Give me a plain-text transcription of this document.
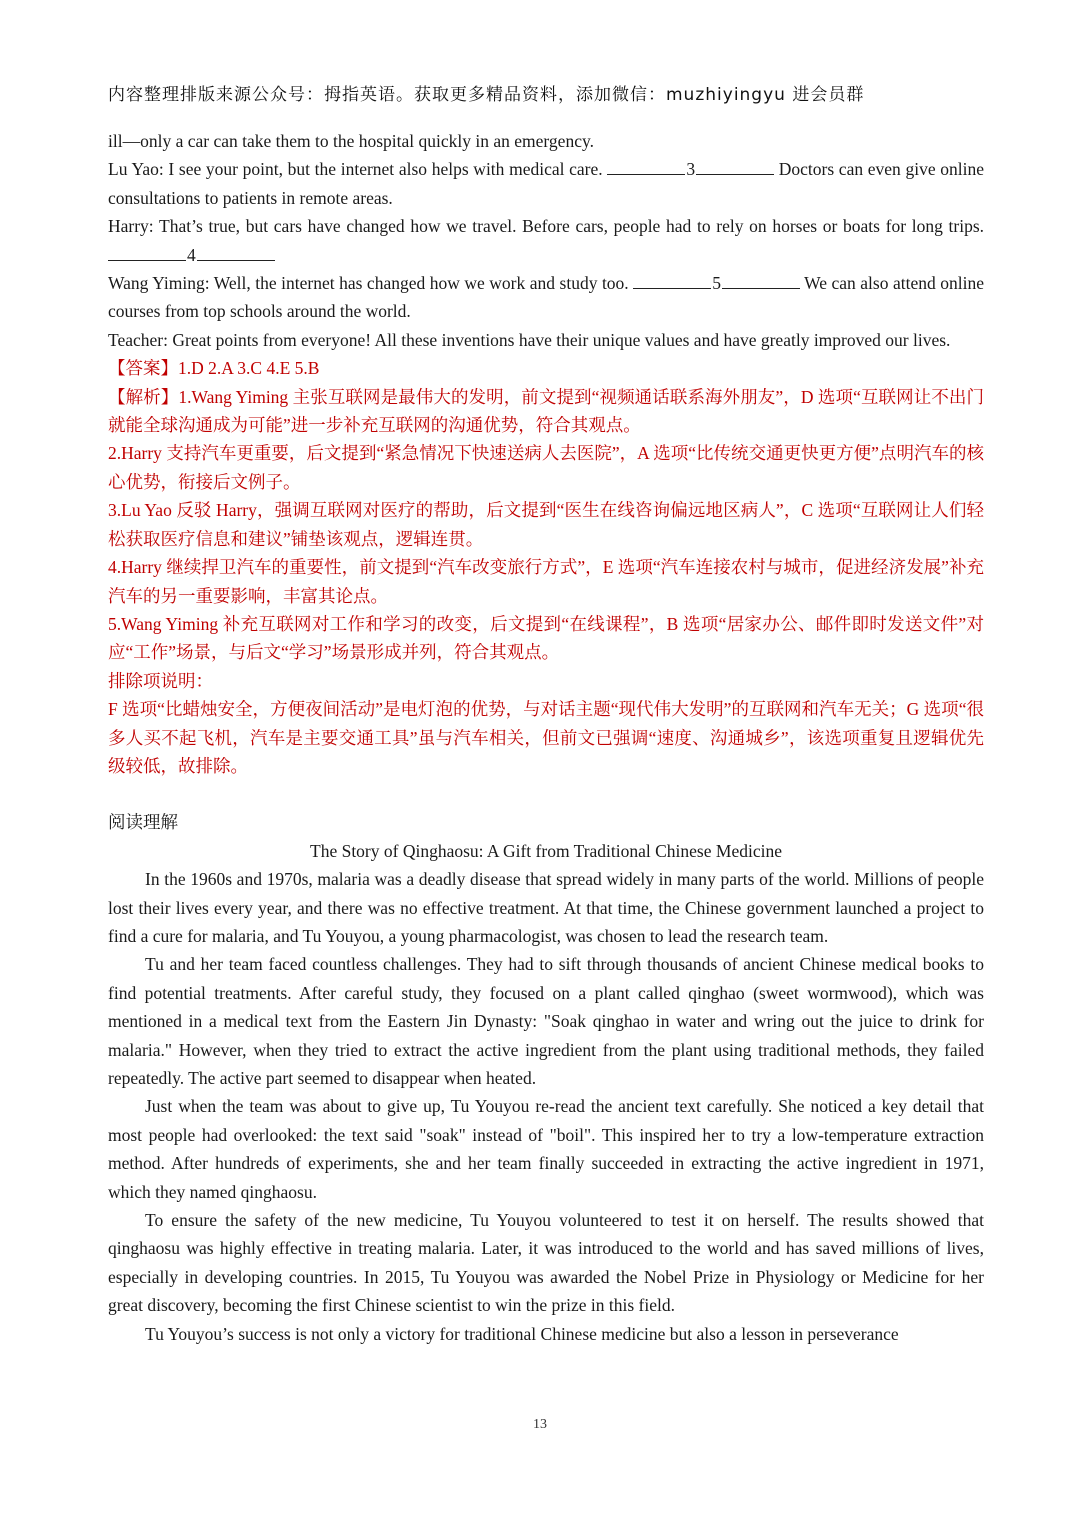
内容整理排版来源公众号：拇指英语。获取更多精品资料，添加微信：muzhiyingyu 进会员群

ill—only a car can take them to the hospital quickly in an emergency.

Lu Yao: I see your point, but the internet also helps with medical care.	3	Doctors can even give online consultations to patients in remote areas.

Harry: That’s true, but cars have changed how we travel. Before cars, people had to rely on horses or boats for long trips. 4

Wang Yiming: Well, the internet has changed how we work and study too.	5	We can also attend online courses from top schools around the world.

Teacher: Great points from everyone! All these inventions have their unique values and have greatly improved our lives.

【答案】1.D 2.A 3.C 4.E 5.B

【解析】1.Wang Yiming 主张互联网是最伟大的发明，前文提到“视频通话联系海外朋友”，D 选项“互联网让不出门就能全球沟通成为可能”进一步补充互联网的沟通优势，符合其观点。

2.Harry 支持汽车更重要，后文提到“紧急情况下快速送病人去医院”，A 选项“比传统交通更快更方便”点明汽车的核心优势，衔接后文例子。

3.Lu Yao 反驳 Harry，强调互联网对医疗的帮助，后文提到“医生在线咨询偏远地区病人”，C 选项“互联网让人们轻松获取医疗信息和建议”铺垫该观点，逻辑连贯。

4.Harry 继续捍卫汽车的重要性，前文提到“汽车改变旅行方式”，E 选项“汽车连接农村与城市，促进经济发展”补充汽车的另一重要影响，丰富其论点。

5.Wang Yiming 补充互联网对工作和学习的改变，后文提到“在线课程”，B 选项“居家办公、邮件即时发送文件”对应“工作”场景，与后文“学习”场景形成并列，符合其观点。

排除项说明：

F 选项“比蜡烛安全，方便夜间活动”是电灯泡的优势，与对话主题“现代伟大发明”的互联网和汽车无关；G 选项“很多人买不起飞机，汽车是主要交通工具”虽与汽车相关，但前文已强调“速度、沟通城乡”，该选项重复且逻辑优先级较低，故排除。

阅读理解

The Story of Qinghaosu: A Gift from Traditional Chinese Medicine

In the 1960s and 1970s, malaria was a deadly disease that spread widely in many parts of the world. Millions of people lost their lives every year, and there was no effective treatment. At that time, the Chinese government launched a project to find a cure for malaria, and Tu Youyou, a young pharmacologist, was chosen to lead the research team.

Tu and her team faced countless challenges. They had to sift through thousands of ancient Chinese medical books to find potential treatments. After careful study, they focused on a plant called qinghao (sweet wormwood), which was mentioned in a medical text from the Eastern Jin Dynasty: "Soak qinghao in water and wring out the juice to drink for malaria." However, when they tried to extract the active ingredient from the plant using traditional methods, they failed repeatedly. The active part seemed to disappear when heated.

Just when the team was about to give up, Tu Youyou re-read the ancient text carefully. She noticed a key detail that most people had overlooked: the text said "soak" instead of "boil". This inspired her to try a low-temperature extraction method. After hundreds of experiments, she and her team finally succeeded in extracting the active ingredient in 1971, which they named qinghaosu.

To ensure the safety of the new medicine, Tu Youyou volunteered to test it on herself. The results showed that qinghaosu was highly effective in treating malaria. Later, it was introduced to the world and has saved millions of lives, especially in developing countries. In 2015, Tu Youyou was awarded the Nobel Prize in Physiology or Medicine for her great discovery, becoming the first Chinese scientist to win the prize in this field.

Tu Youyou’s success is not only a victory for traditional Chinese medicine but also a lesson in perseverance

13
